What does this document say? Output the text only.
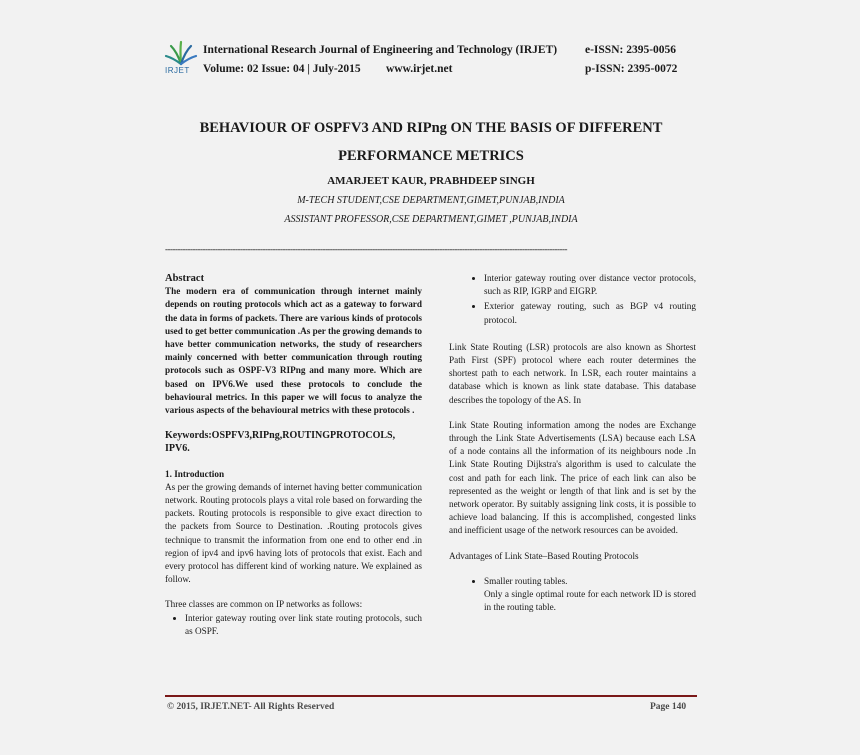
IRJET
International Research Journal of Engineering and Technology (IRJET)
Volume: 02 Issue: 04 | July-2015 www.irjet.net
e-ISSN: 2395-0056
p-ISSN: 2395-0072
BEHAVIOUR OF OSPFV3 AND RIPng ON THE BASIS OF DIFFERENT
PERFORMANCE METRICS
AMARJEET KAUR, PRABHDEEP SINGH
M-TECH STUDENT,CSE DEPARTMENT,GIMET,PUNJAB,INDIA
ASSISTANT PROFESSOR,CSE DEPARTMENT,GIMET ,PUNJAB,INDIA
-----------------------------------------------------------------------------------------------------------------------------------------------------------------
Abstract

The modern era of communication through internet mainly depends on routing protocols which act as a gateway to forward the data in forms of packets. There are various kinds of protocols used to get better communication .As per the growing demands to have better communication networks, the study of researchers mainly concerned with better communication through routing protocols such as OSPF-V3 RIPng and many more. Which are based on IPV6.We used these protocols to conclude the behavioural metrics. In this paper we will focus to analyze the various aspects of the behavioural metrics with these protocols .

Keywords:OSPFV3,RIPng,ROUTINGPROTOCOLS, IPV6.
1. Introduction

As per the growing demands of internet having better communication network. Routing protocols plays a vital role based on forwarding the packets. Routing protocols is responsible to give exact direction to the packets from Source to Destination. .Routing protocols gives technique to transmit the information from one end to other end .in region of ipv4 and ipv6 having lots of protocols that exist. Each and every protocol has different kind of working nature. We explained as follow.

Three classes are common on IP networks as follows:

• Interior gateway routing over link state routing protocols, such as OSPF.
• Interior gateway routing over distance vector protocols, such as RIP, IGRP and EIGRP.
• Exterior gateway routing, such as BGP v4 routing protocol.

Link State Routing (LSR) protocols are also known as Shortest Path First (SPF) protocol where each router determines the shortest path to each network. In LSR, each router maintains a database which is known as link state database. This database describes the topology of the AS. In

Link State Routing information among the nodes are Exchange through the Link State Advertisements (LSA) because each LSA of a node contains all the information of its neighbours node .In Link State Routing Dijkstra's algorithm is used to calculate the cost and path for each link. The price of each link can also be represented as the weight or length of that link and is set by the network operator. By suitably assigning link costs, it is possible to achieve load balancing. If this is accomplished, congested links and inefficient usage of the network resources can be avoided.

Advantages of Link State–Based Routing Protocols

• Smaller routing tables.
Only a single optimal route for each network ID is stored in the routing table.
© 2015, IRJET.NET- All Rights Reserved	Page 140
